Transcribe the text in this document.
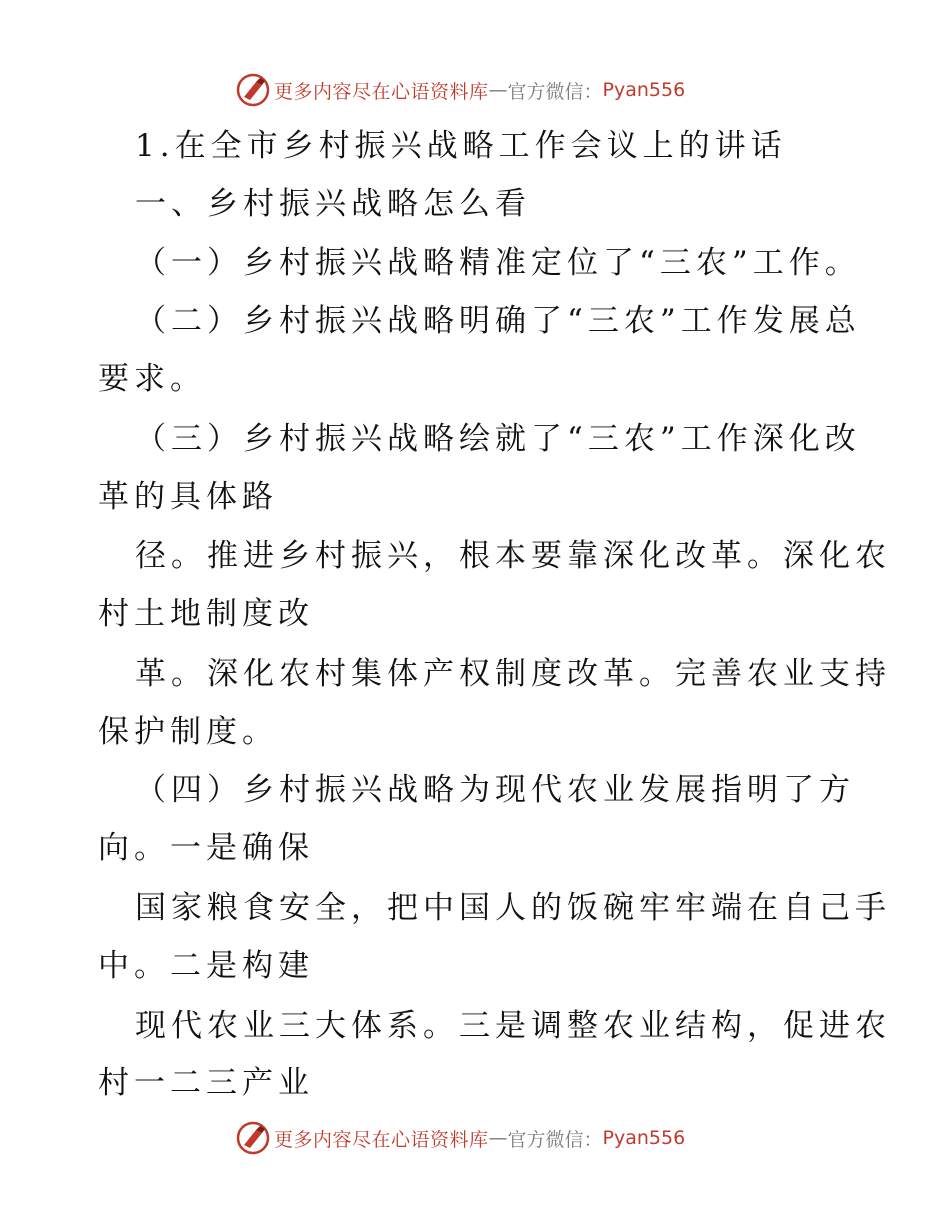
更多内容尽在心语资料库 — 官方微信： Pyan556
1.在全市乡村振兴战略工作会议上的讲话
一、乡村振兴战略怎么看
（一）乡村振兴战略精准定位了“三农”工作。
（二）乡村振兴战略明确了“三农”工作发展总
要求。
（三）乡村振兴战略绘就了“三农”工作深化改
革的具体路
径。推进乡村振兴，根本要靠深化改革。深化农
村土地制度改
革。深化农村集体产权制度改革。完善农业支持
保护制度。
（四）乡村振兴战略为现代农业发展指明了方
向。一是确保
国家粮食安全，把中国人的饭碗牢牢端在自己手
中。二是构建
现代农业三大体系。三是调整农业结构，促进农
村一二三产业
更多内容尽在心语资料库 — 官方微信： Pyan556
